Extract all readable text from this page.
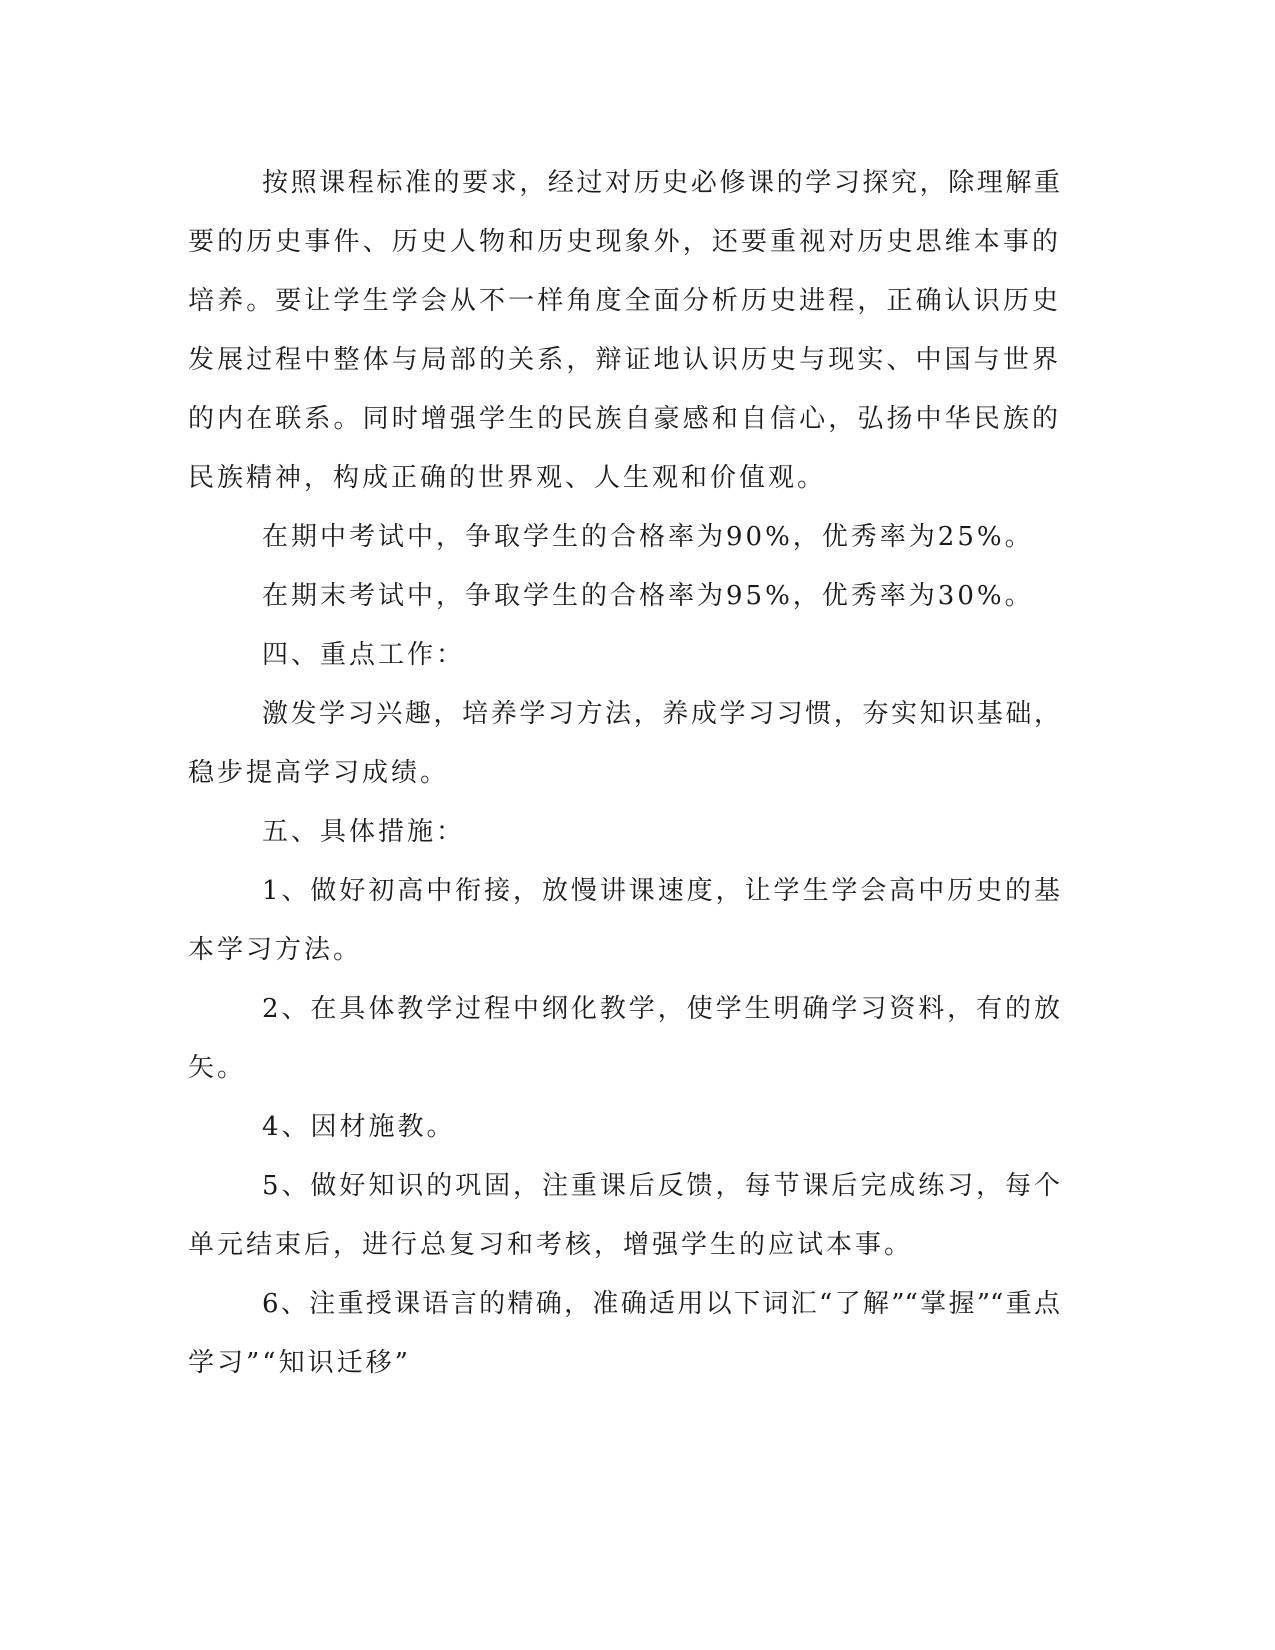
按照课程标准的要求，经过对历史必修课的学习探究，除理解重
要的历史事件、历史人物和历史现象外，还要重视对历史思维本事的
培养。要让学生学会从不一样角度全面分析历史进程，正确认识历史
发展过程中整体与局部的关系，辩证地认识历史与现实、中国与世界
的内在联系。同时增强学生的民族自豪感和自信心，弘扬中华民族的
民族精神，构成正确的世界观、人生观和价值观。
在期中考试中，争取学生的合格率为90%，优秀率为25%。
在期末考试中，争取学生的合格率为95%，优秀率为30%。
四、重点工作：
激发学习兴趣，培养学习方法，养成学习习惯，夯实知识基础，
稳步提高学习成绩。
五、具体措施：
1、做好初高中衔接，放慢讲课速度，让学生学会高中历史的基
本学习方法。
2、在具体教学过程中纲化教学，使学生明确学习资料，有的放
矢。
4、因材施教。
5、做好知识的巩固，注重课后反馈，每节课后完成练习，每个
单元结束后，进行总复习和考核，增强学生的应试本事。
6、注重授课语言的精确，准确适用以下词汇“了解”“掌握”“重点
学习”“知识迁移”
